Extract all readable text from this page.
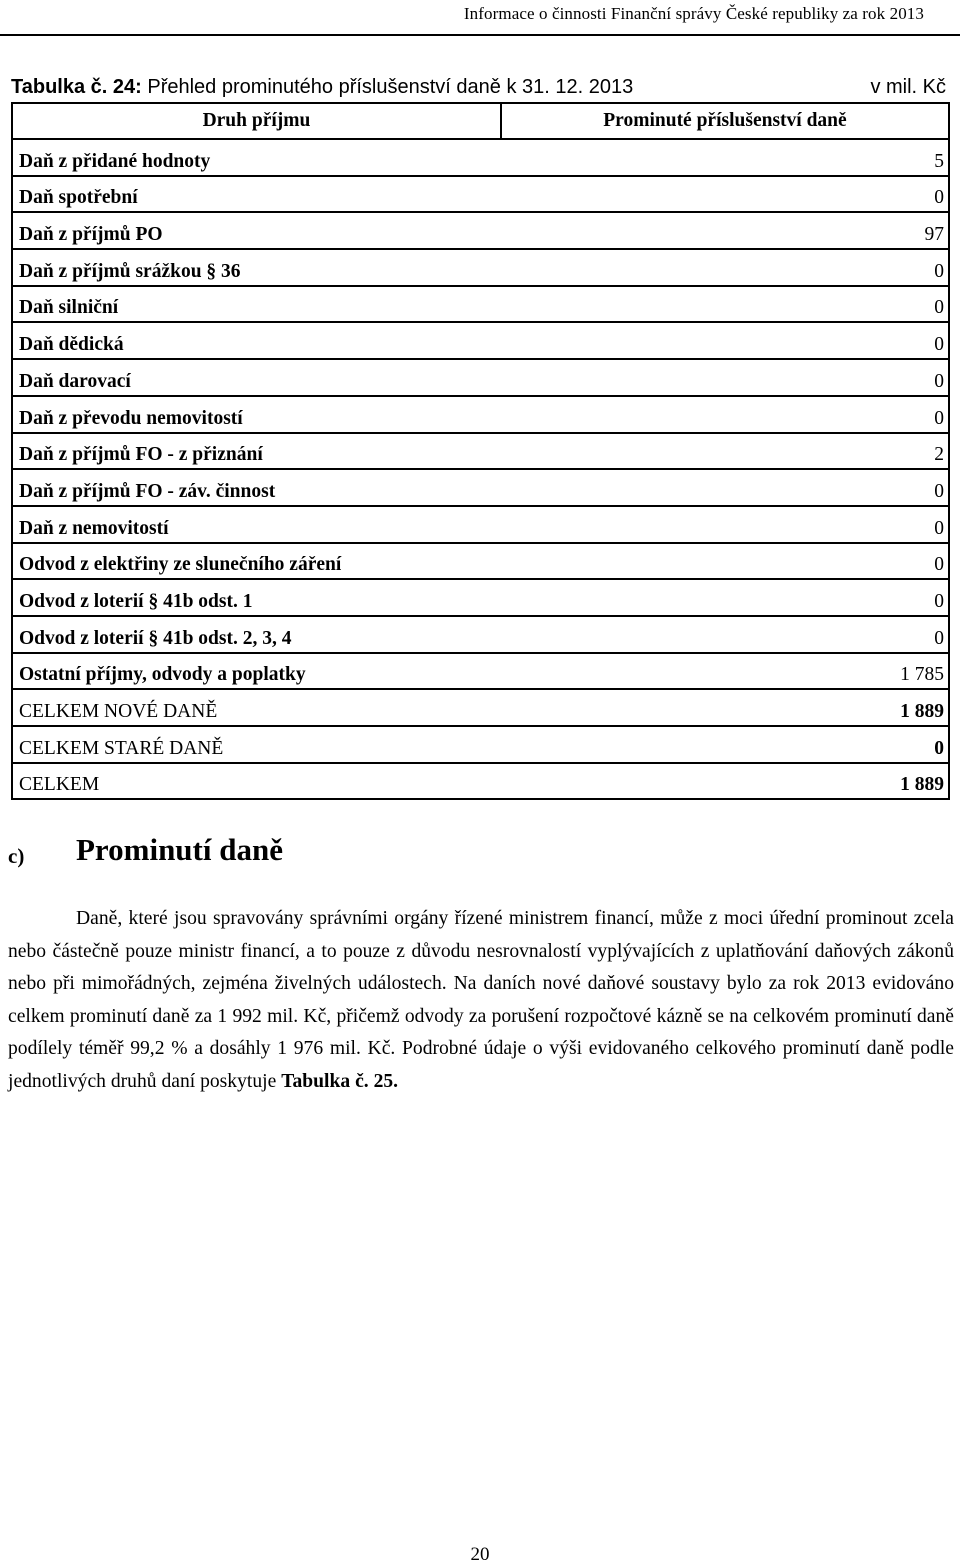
Informace o činnosti Finanční správy České republiky za rok 2013
Tabulka č. 24: Přehled prominutého příslušenství daně k 31. 12. 2013	v mil. Kč
Druh příjmu	Prominuté příslušenství daně
Daň z přidané hodnoty	5
Daň spotřební	0
Daň z příjmů PO	97
Daň z příjmů srážkou § 36	0
Daň silniční	0
Daň dědická	0
Daň darovací	0
Daň z převodu nemovitostí	0
Daň z příjmů FO - z přiznání	2
Daň z příjmů FO - záv. činnost	0
Daň z nemovitostí	0
Odvod z elektřiny ze slunečního záření	0
Odvod z loterií § 41b odst. 1	0
Odvod z loterií § 41b odst. 2, 3, 4	0
Ostatní příjmy, odvody a poplatky	1 785
CELKEM NOVÉ DANĚ	1 889
CELKEM STARÉ DANĚ	0
CELKEM	1 889
c) Prominutí daně
Daně, které jsou spravovány správními orgány řízené ministrem financí, může z moci úřední prominout zcela nebo částečně pouze ministr financí, a to pouze z důvodu nesrovnalostí vyplývajících z uplatňování daňových zákonů nebo při mimořádných, zejména živelných událostech. Na daních nové daňové soustavy bylo za rok 2013 evidováno celkem prominutí daně za 1 992 mil. Kč, přičemž odvody za porušení rozpočtové kázně se na celkovém prominutí daně podílely téměř 99,2 % a dosáhly 1 976 mil. Kč. Podrobné údaje o výši evidovaného celkového prominutí daně podle jednotlivých druhů daní poskytuje Tabulka č. 25.
20
